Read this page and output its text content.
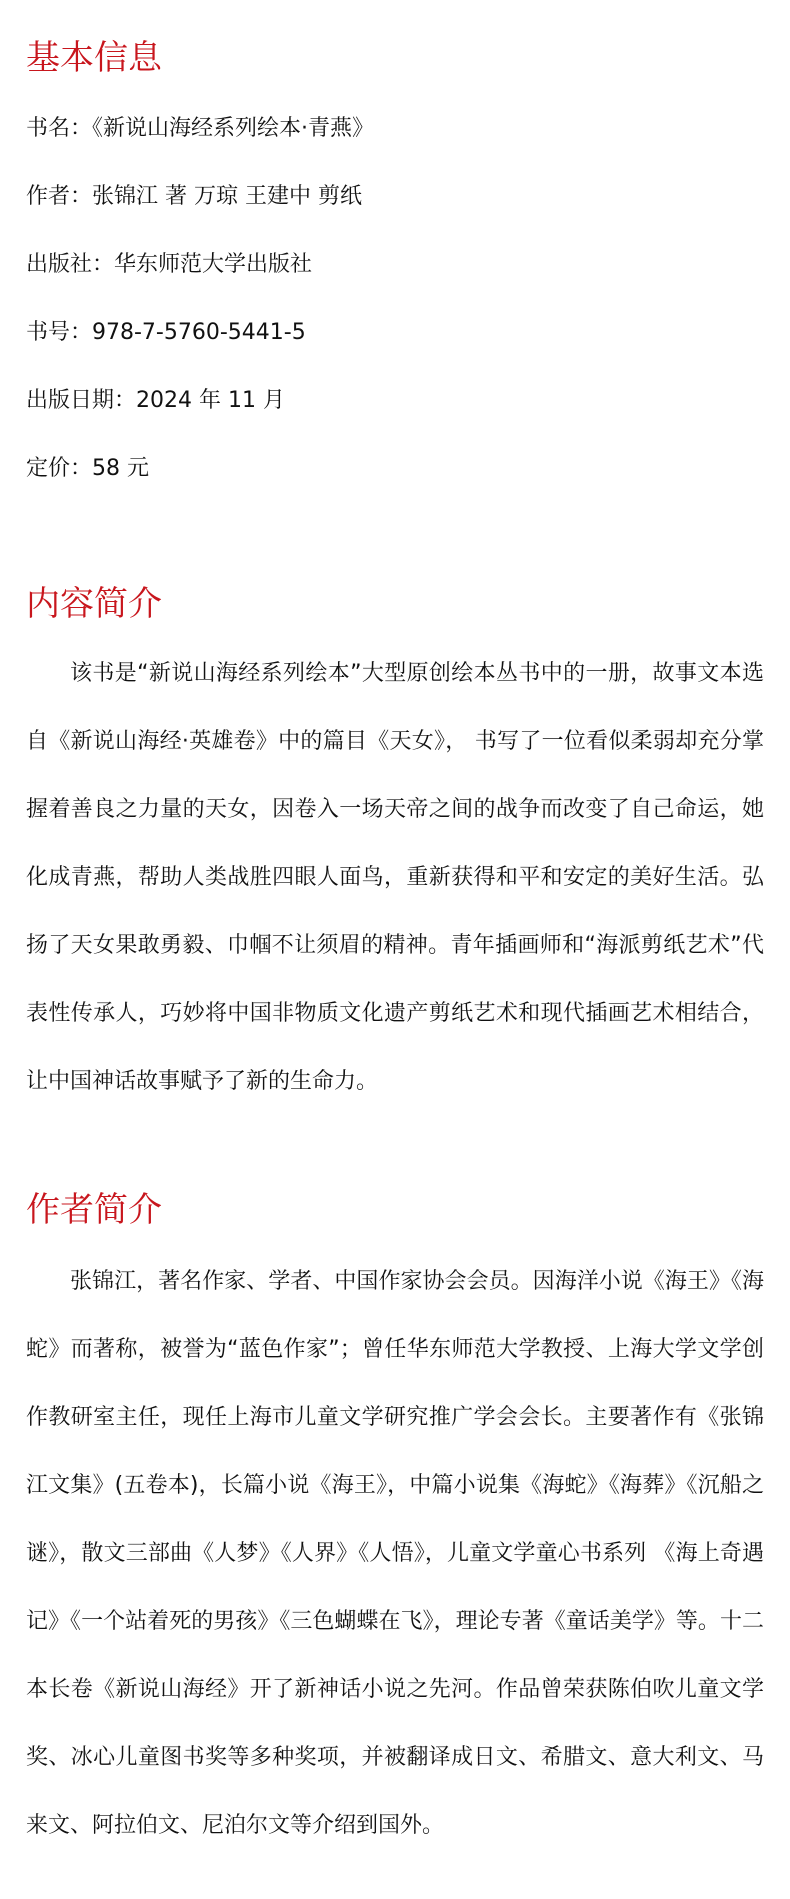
基本信息

书名：《新说山海经系列绘本·青燕》

作者：张锦江 著 万琼 王建中 剪纸

出版社：华东师范大学出版社

书号：978-7-5760-5441-5

出版日期：2024 年 11 月

定价：58 元

内容简介

该书是“新说山海经系列绘本”大型原创绘本丛书中的一册，故事文本选自《新说山海经·英雄卷》中的篇目《天女》， 书写了一位看似柔弱却充分掌握着善良之力量的天女，因卷入一场天帝之间的战争而改变了自己命运，她化成青燕，帮助人类战胜四眼人面鸟，重新获得和平和安定的美好生活。弘扬了天女果敢勇毅、巾帼不让须眉的精神。青年插画师和“海派剪纸艺术”代表性传承人，巧妙将中国非物质文化遗产剪纸艺术和现代插画艺术相结合，让中国神话故事赋予了新的生命力。

作者简介

张锦江，著名作家、学者、中国作家协会会员。因海洋小说《海王》《海蛇》而著称，被誉为“蓝色作家”；曾任华东师范大学教授、上海大学文学创作教研室主任，现任上海市儿童文学研究推广学会会长。主要著作有《张锦江文集》(五卷本)，长篇小说《海王》，中篇小说集《海蛇》《海葬》《沉船之谜》，散文三部曲《人梦》《人界》《人悟》，儿童文学童心书系列 《海上奇遇记》《一个站着死的男孩》《三色蝴蝶在飞》，理论专著《童话美学》等。十二本长卷《新说山海经》开了新神话小说之先河。作品曾荣获陈伯吹儿童文学奖、冰心儿童图书奖等多种奖项，并被翻译成日文、希腊文、意大利文、马来文、阿拉伯文、尼泊尔文等介绍到国外。
